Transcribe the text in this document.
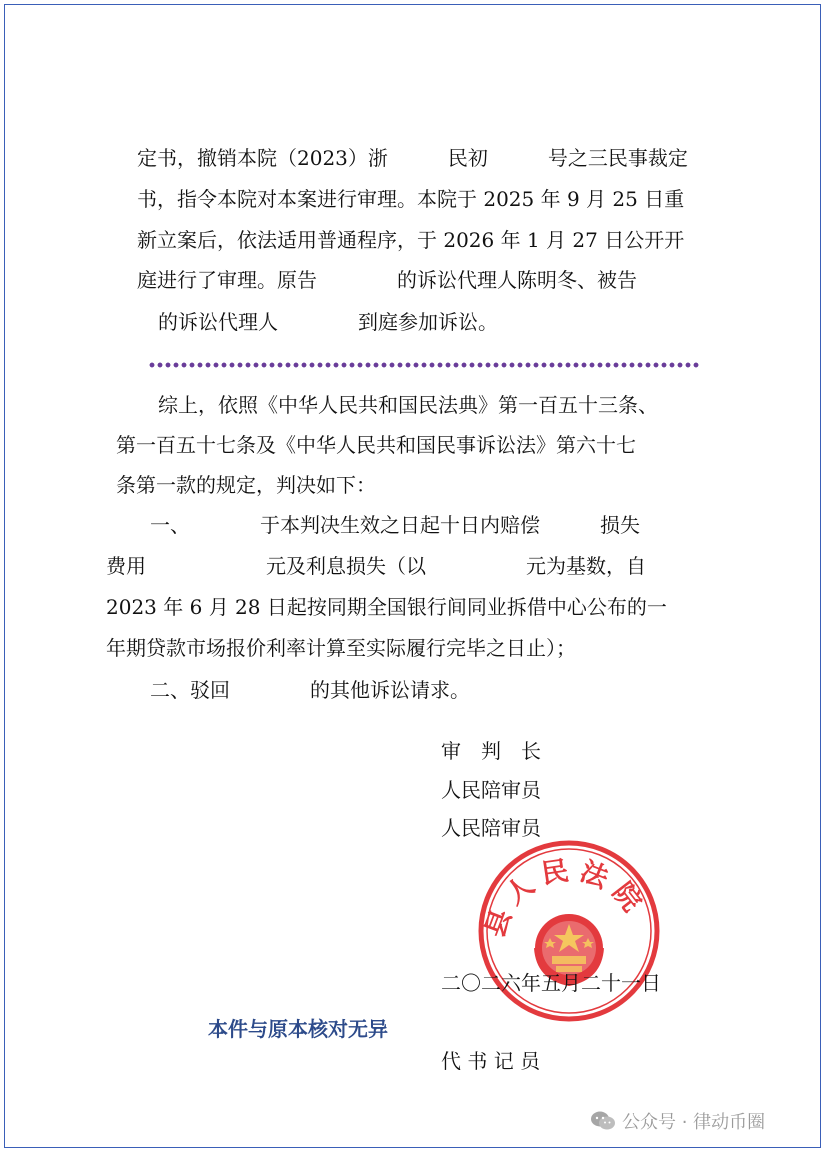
定书，撤销本院（2023）浙　　　民初　　　号之三民事裁定
书，指令本院对本案进行审理。本院于 2025 年 9 月 25 日重
新立案后，依法适用普通程序，于 2026 年 1 月 27 日公开开
庭进行了审理。原告　　　　的诉讼代理人陈明冬、被告
的诉讼代理人　　　　到庭参加诉讼。
综上，依照《中华人民共和国民法典》第一百五十三条、
第一百五十七条及《中华人民共和国民事诉讼法》第六十七
条第一款的规定，判决如下：
一、　　　　于本判决生效之日起十日内赔偿　　　损失
费用　　　　　　元及利息损失（以　　　　　元为基数，自
2023 年 6 月 28 日起按同期全国银行间同业拆借中心公布的一
年期贷款市场报价利率计算至实际履行完毕之日止）；
二、驳回　　　　的其他诉讼请求。
审　判　长
人民陪审员
人民陪审员
县人民法院
二〇二六年五月二十一日
本件与原本核对无异
代 书 记 员
公众号 · 律动币圈
